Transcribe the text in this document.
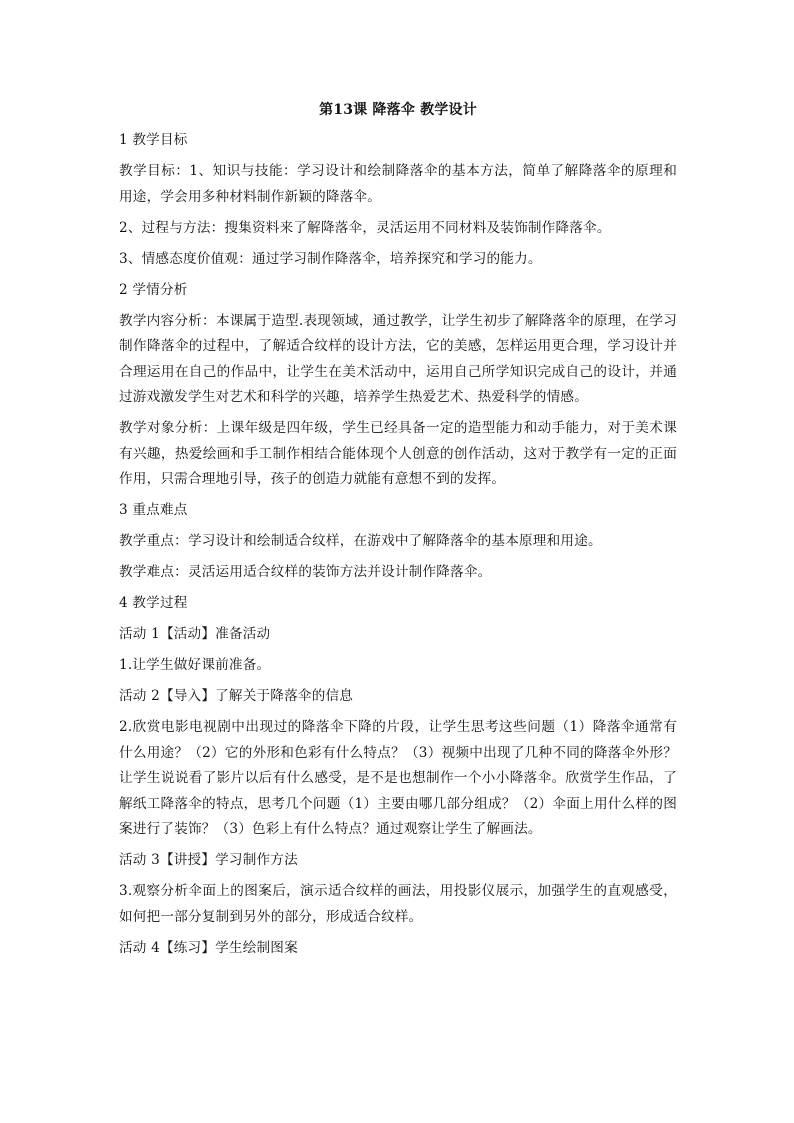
第13课 降落伞 教学设计
1 教学目标
教学目标：1、知识与技能：学习设计和绘制降落伞的基本方法，简单了解降落伞的原理和用途，学会用多种材料制作新颖的降落伞。
2、过程与方法：搜集资料来了解降落伞，灵活运用不同材料及装饰制作降落伞。
3、情感态度价值观：通过学习制作降落伞，培养探究和学习的能力。
2 学情分析
教学内容分析：本课属于造型.表现领域，通过教学，让学生初步了解降落伞的原理，在学习制作降落伞的过程中，了解适合纹样的设计方法，它的美感，怎样运用更合理，学习设计并合理运用在自己的作品中，让学生在美术活动中，运用自己所学知识完成自己的设计，并通过游戏激发学生对艺术和科学的兴趣，培养学生热爱艺术、热爱科学的情感。
教学对象分析：上课年级是四年级，学生已经具备一定的造型能力和动手能力，对于美术课有兴趣，热爱绘画和手工制作相结合能体现个人创意的创作活动，这对于教学有一定的正面作用，只需合理地引导，孩子的创造力就能有意想不到的发挥。
3 重点难点
教学重点：学习设计和绘制适合纹样，在游戏中了解降落伞的基本原理和用途。
教学难点：灵活运用适合纹样的装饰方法并设计制作降落伞。
4 教学过程
活动 1【活动】准备活动
1.让学生做好课前准备。
活动 2【导入】了解关于降落伞的信息
2.欣赏电影电视剧中出现过的降落伞下降的片段，让学生思考这些问题（1）降落伞通常有什么用途？（2）它的外形和色彩有什么特点？（3）视频中出现了几种不同的降落伞外形？让学生说说看了影片以后有什么感受，是不是也想制作一个小小降落伞。欣赏学生作品，了解纸工降落伞的特点，思考几个问题（1）主要由哪几部分组成？（2）伞面上用什么样的图案进行了装饰？（3）色彩上有什么特点？通过观察让学生了解画法。
活动 3【讲授】学习制作方法
3.观察分析伞面上的图案后，演示适合纹样的画法，用投影仪展示，加强学生的直观感受，如何把一部分复制到另外的部分，形成适合纹样。
活动 4【练习】学生绘制图案
